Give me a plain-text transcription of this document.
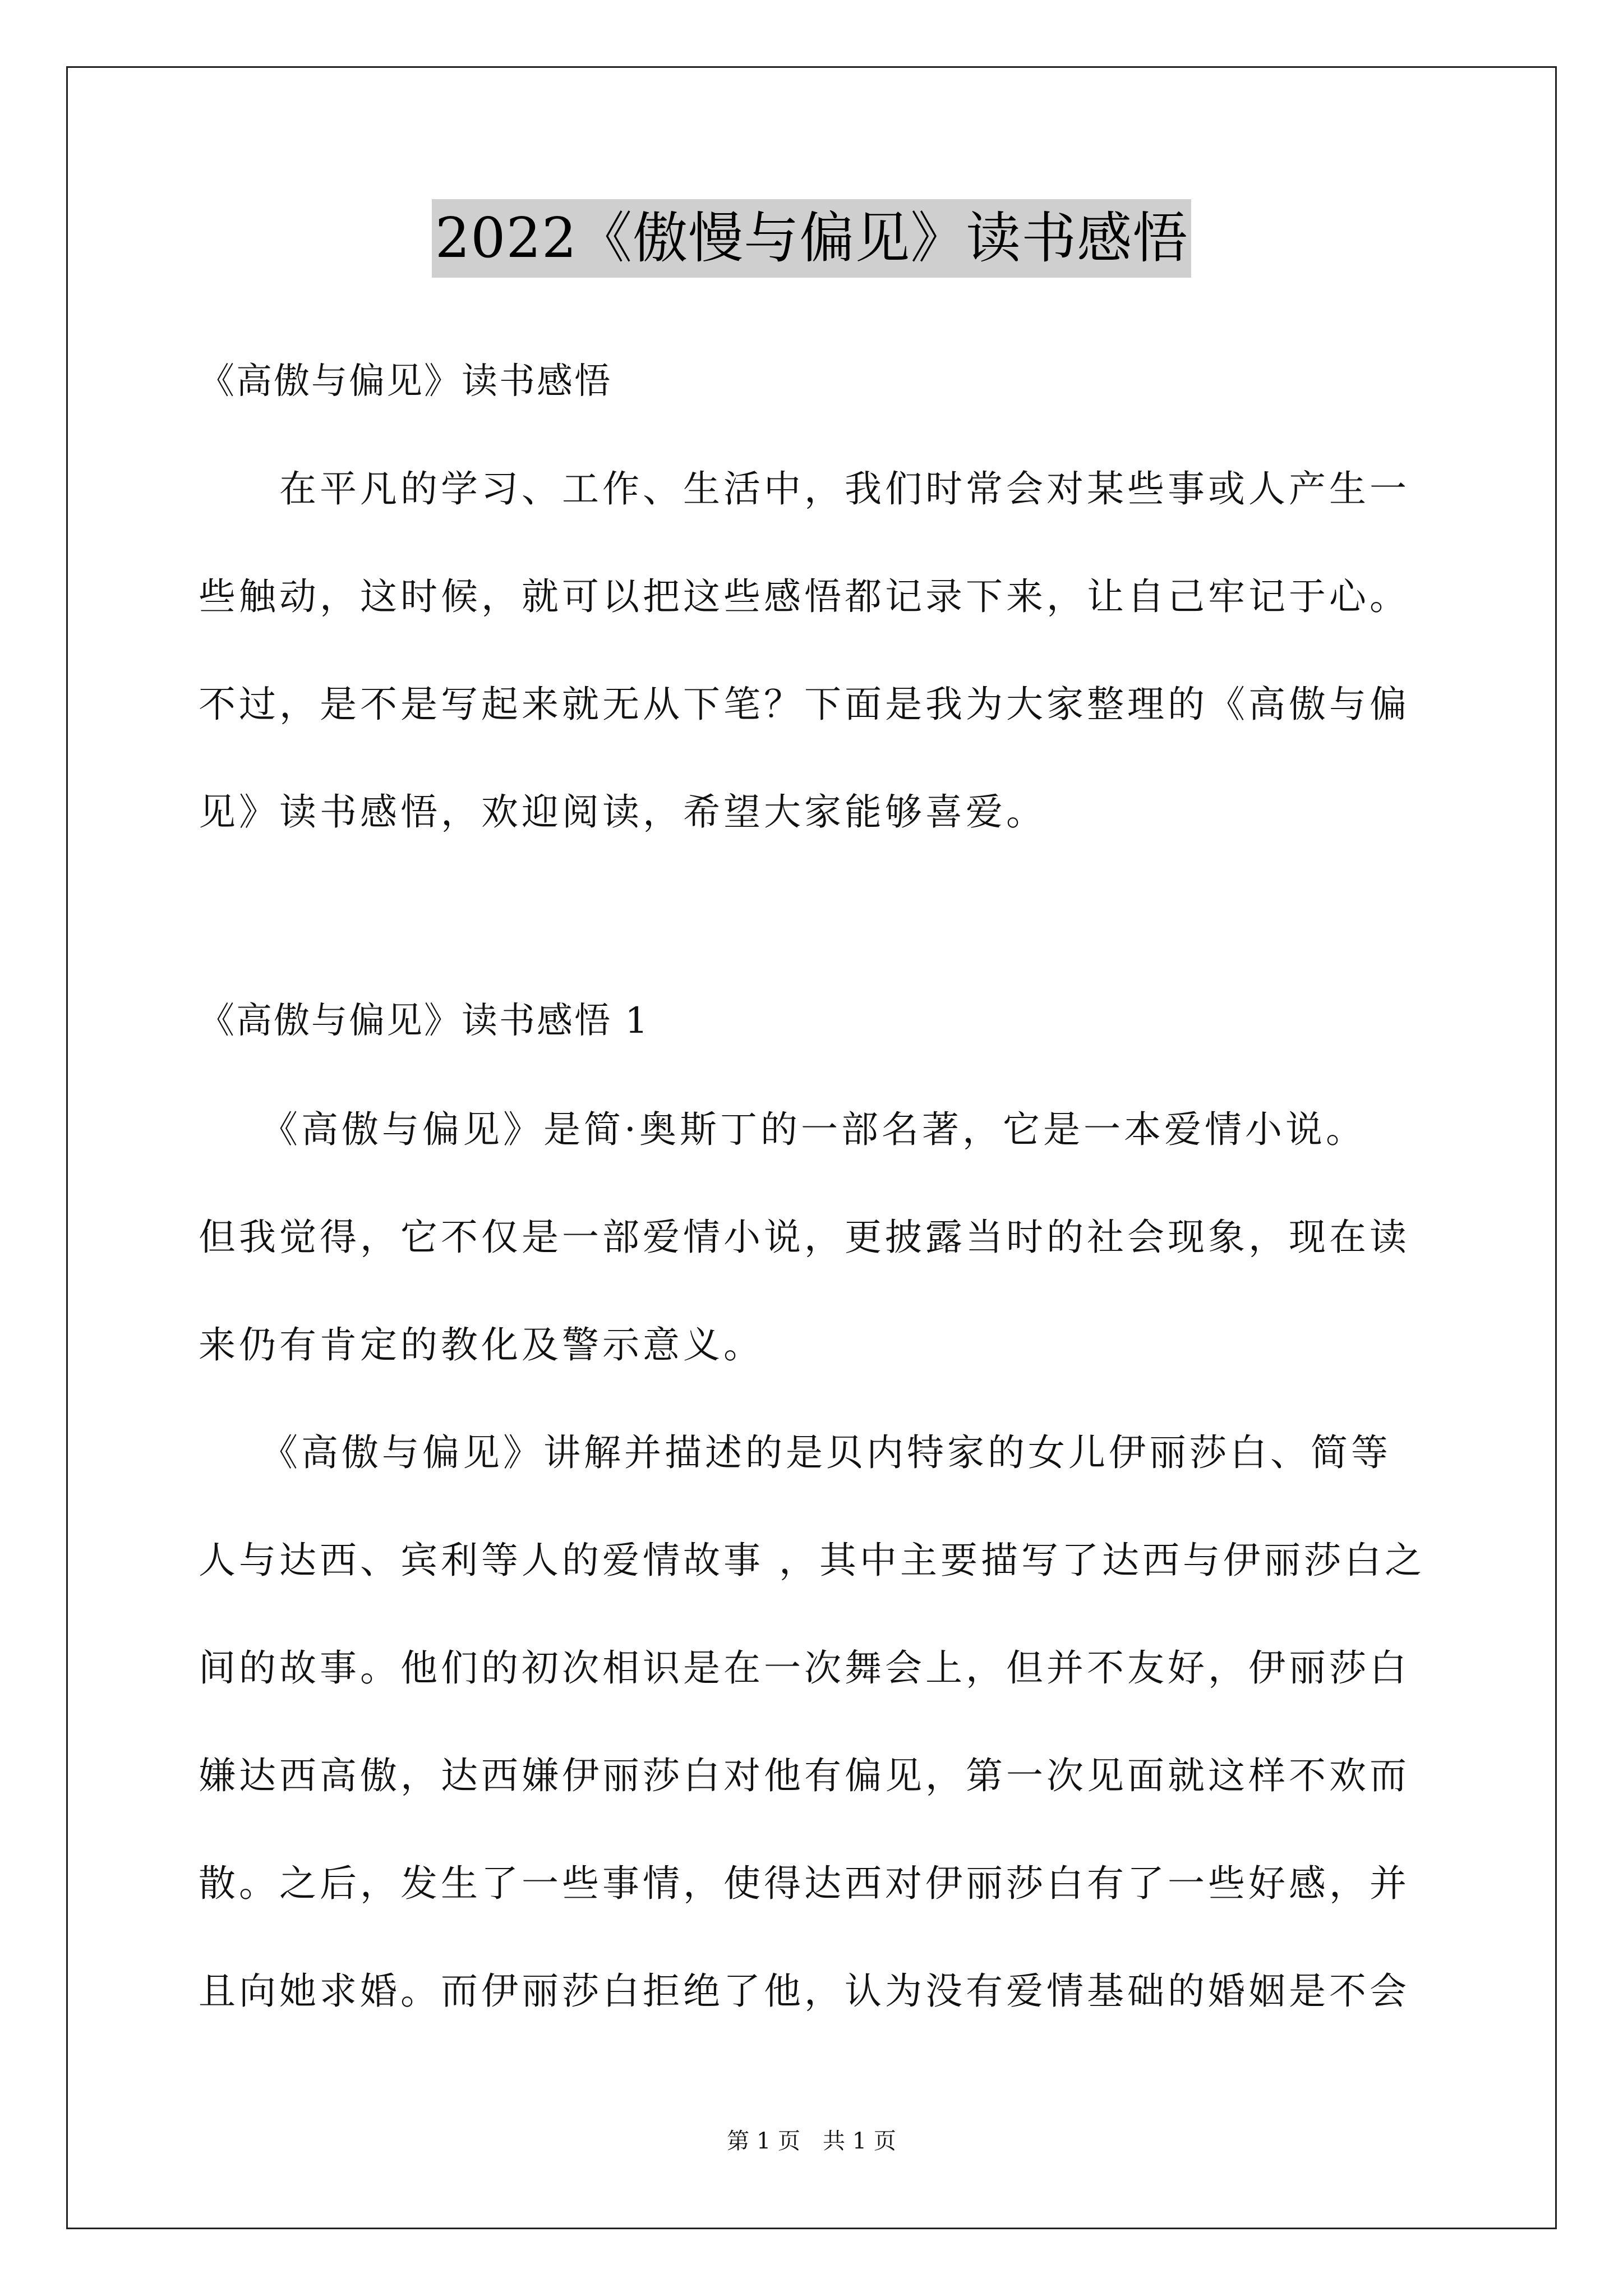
2022《傲慢与偏见》读书感悟
《高傲与偏见》读书感悟
　　在平凡的学习、工作、生活中，我们时常会对某些事或人产生一
些触动，这时候，就可以把这些感悟都记录下来，让自己牢记于心。
不过，是不是写起来就无从下笔？下面是我为大家整理的《高傲与偏
见》读书感悟，欢迎阅读，希望大家能够喜爱。
《高傲与偏见》读书感悟 1
　　《高傲与偏见》是简·奥斯丁的一部名著，它是一本爱情小说。
但我觉得，它不仅是一部爱情小说，更披露当时的社会现象，现在读
来仍有肯定的教化及警示意义。
　　《高傲与偏见》讲解并描述的是贝内特家的女儿伊丽莎白、简等
人与达西、宾利等人的爱情故事 ，其中主要描写了达西与伊丽莎白之
间的故事。他们的初次相识是在一次舞会上，但并不友好，伊丽莎白
嫌达西高傲，达西嫌伊丽莎白对他有偏见，第一次见面就这样不欢而
散。之后，发生了一些事情，使得达西对伊丽莎白有了一些好感，并
且向她求婚。而伊丽莎白拒绝了他，认为没有爱情基础的婚姻是不会
第 1 页　共 1 页
